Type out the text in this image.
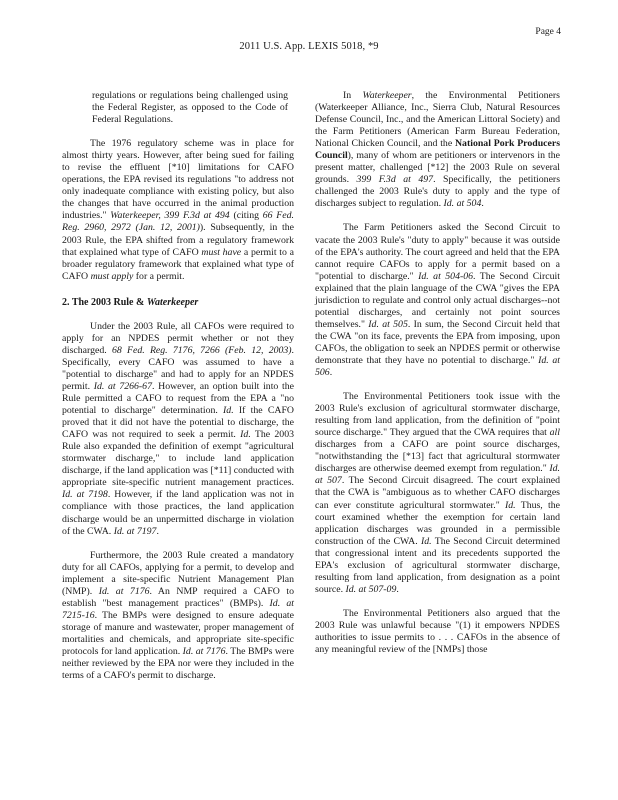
Page 4
2011 U.S. App. LEXIS 5018, *9

regulations or regulations being challenged using the Federal Register, as opposed to the Code of Federal Regulations.

The 1976 regulatory scheme was in place for almost thirty years. However, after being sued for failing to revise the effluent [*10] limitations for CAFO operations, the EPA revised its regulations "to address not only inadequate compliance with existing policy, but also the changes that have occurred in the animal production industries." Waterkeeper, 399 F.3d at 494 (citing 66 Fed. Reg. 2960, 2972 (Jan. 12, 2001)). Subsequently, in the 2003 Rule, the EPA shifted from a regulatory framework that explained what type of CAFO must have a permit to a broader regulatory framework that explained what type of CAFO must apply for a permit.

2. The 2003 Rule & Waterkeeper

Under the 2003 Rule, all CAFOs were required to apply for an NPDES permit whether or not they discharged. 68 Fed. Reg. 7176, 7266 (Feb. 12, 2003). Specifically, every CAFO was assumed to have a "potential to discharge" and had to apply for an NPDES permit. Id. at 7266-67. However, an option built into the Rule permitted a CAFO to request from the EPA a "no potential to discharge" determination. Id. If the CAFO proved that it did not have the potential to discharge, the CAFO was not required to seek a permit. Id. The 2003 Rule also expanded the definition of exempt "agricultural stormwater discharge," to include land application discharge, if the land application was [*11] conducted with appropriate site-specific nutrient management practices. Id. at 7198. However, if the land application was not in compliance with those practices, the land application discharge would be an unpermitted discharge in violation of the CWA. Id. at 7197.

Furthermore, the 2003 Rule created a mandatory duty for all CAFOs, applying for a permit, to develop and implement a site-specific Nutrient Management Plan (NMP). Id. at 7176. An NMP required a CAFO to establish "best management practices" (BMPs). Id. at 7215-16. The BMPs were designed to ensure adequate storage of manure and wastewater, proper management of mortalities and chemicals, and appropriate site-specific protocols for land application. Id. at 7176. The BMPs were neither reviewed by the EPA nor were they included in the terms of a CAFO's permit to discharge.

In Waterkeeper, the Environmental Petitioners (Waterkeeper Alliance, Inc., Sierra Club, Natural Resources Defense Council, Inc., and the American Littoral Society) and the Farm Petitioners (American Farm Bureau Federation, National Chicken Council, and the National Pork Producers Council), many of whom are petitioners or intervenors in the present matter, challenged [*12] the 2003 Rule on several grounds. 399 F.3d at 497. Specifically, the petitioners challenged the 2003 Rule's duty to apply and the type of discharges subject to regulation. Id. at 504.

The Farm Petitioners asked the Second Circuit to vacate the 2003 Rule's "duty to apply" because it was outside of the EPA's authority. The court agreed and held that the EPA cannot require CAFOs to apply for a permit based on a "potential to discharge." Id. at 504-06. The Second Circuit explained that the plain language of the CWA "gives the EPA jurisdiction to regulate and control only actual discharges--not potential discharges, and certainly not point sources themselves." Id. at 505. In sum, the Second Circuit held that the CWA "on its face, prevents the EPA from imposing, upon CAFOs, the obligation to seek an NPDES permit or otherwise demonstrate that they have no potential to discharge." Id. at 506.

The Environmental Petitioners took issue with the 2003 Rule's exclusion of agricultural stormwater discharge, resulting from land application, from the definition of "point source discharge." They argued that the CWA requires that all discharges from a CAFO are point source discharges, "notwithstanding the [*13] fact that agricultural stormwater discharges are otherwise deemed exempt from regulation." Id. at 507. The Second Circuit disagreed. The court explained that the CWA is "ambiguous as to whether CAFO discharges can ever constitute agricultural stormwater." Id. Thus, the court examined whether the exemption for certain land application discharges was grounded in a permissible construction of the CWA. Id. The Second Circuit determined that congressional intent and its precedents supported the EPA's exclusion of agricultural stormwater discharge, resulting from land application, from designation as a point source. Id. at 507-09.

The Environmental Petitioners also argued that the 2003 Rule was unlawful because "(1) it empowers NPDES authorities to issue permits to . . . CAFOs in the absence of any meaningful review of the [NMPs] those
